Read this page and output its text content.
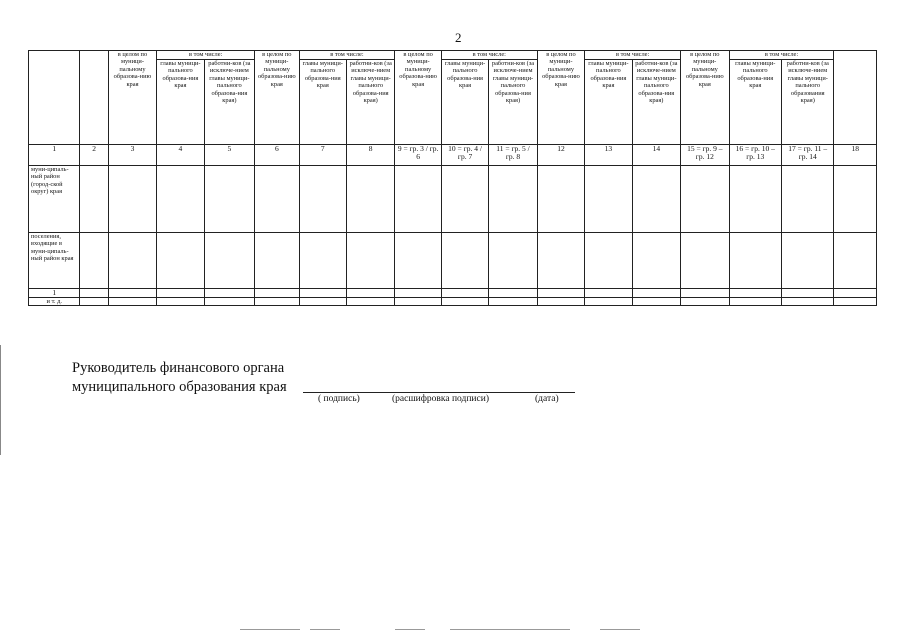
2
		в целом по муници-пальному образова-нию края	в том числе:		в целом по муници-пальному образова-нию края	в том числе:		в целом по муници-пальному образова-нию края	в том числе:		в целом по муници-пальному образова-нию края	в том числе:		в целом по муници-пальному образова-нию края	в том числе:		
			главы муници-пального образова-ния края	работни-ков (за исключе-нием главы муници-пального образова-ния края)		главы муници-пального образова-ния края	работни-ков (за исключе-нием главы муници-пального образова-ния края)		главы муници-пального образова-ния края	работни-ков (за исключе-нием главы муници-пального образова-ния края)		главы муници-пального образова-ния края	работни-ков (за исключе-нием главы муници-пального образова-ния края)		главы муници-пального образова-ния края	работни-ков (за исключе-нием главы муници-пального образования края)	
1	2	3	4	5	6	7	8	9 = гр. 3 / гр. 6	10 = гр. 4 / гр. 7	11 = гр. 5 / гр. 8	12	13	14	15 = гр. 9 – гр. 12	16 = гр. 10 – гр. 13	17 = гр. 11 – гр. 14	18
муни-ципаль-ный район (город-ской округ) края																	
поселения, входящие в муни-ципаль-ный район края																	
1																	
и т. д.																	
Руководитель финансового органа
муниципального образования края
( подпись)	(расшифровка подписи)	(дата)
